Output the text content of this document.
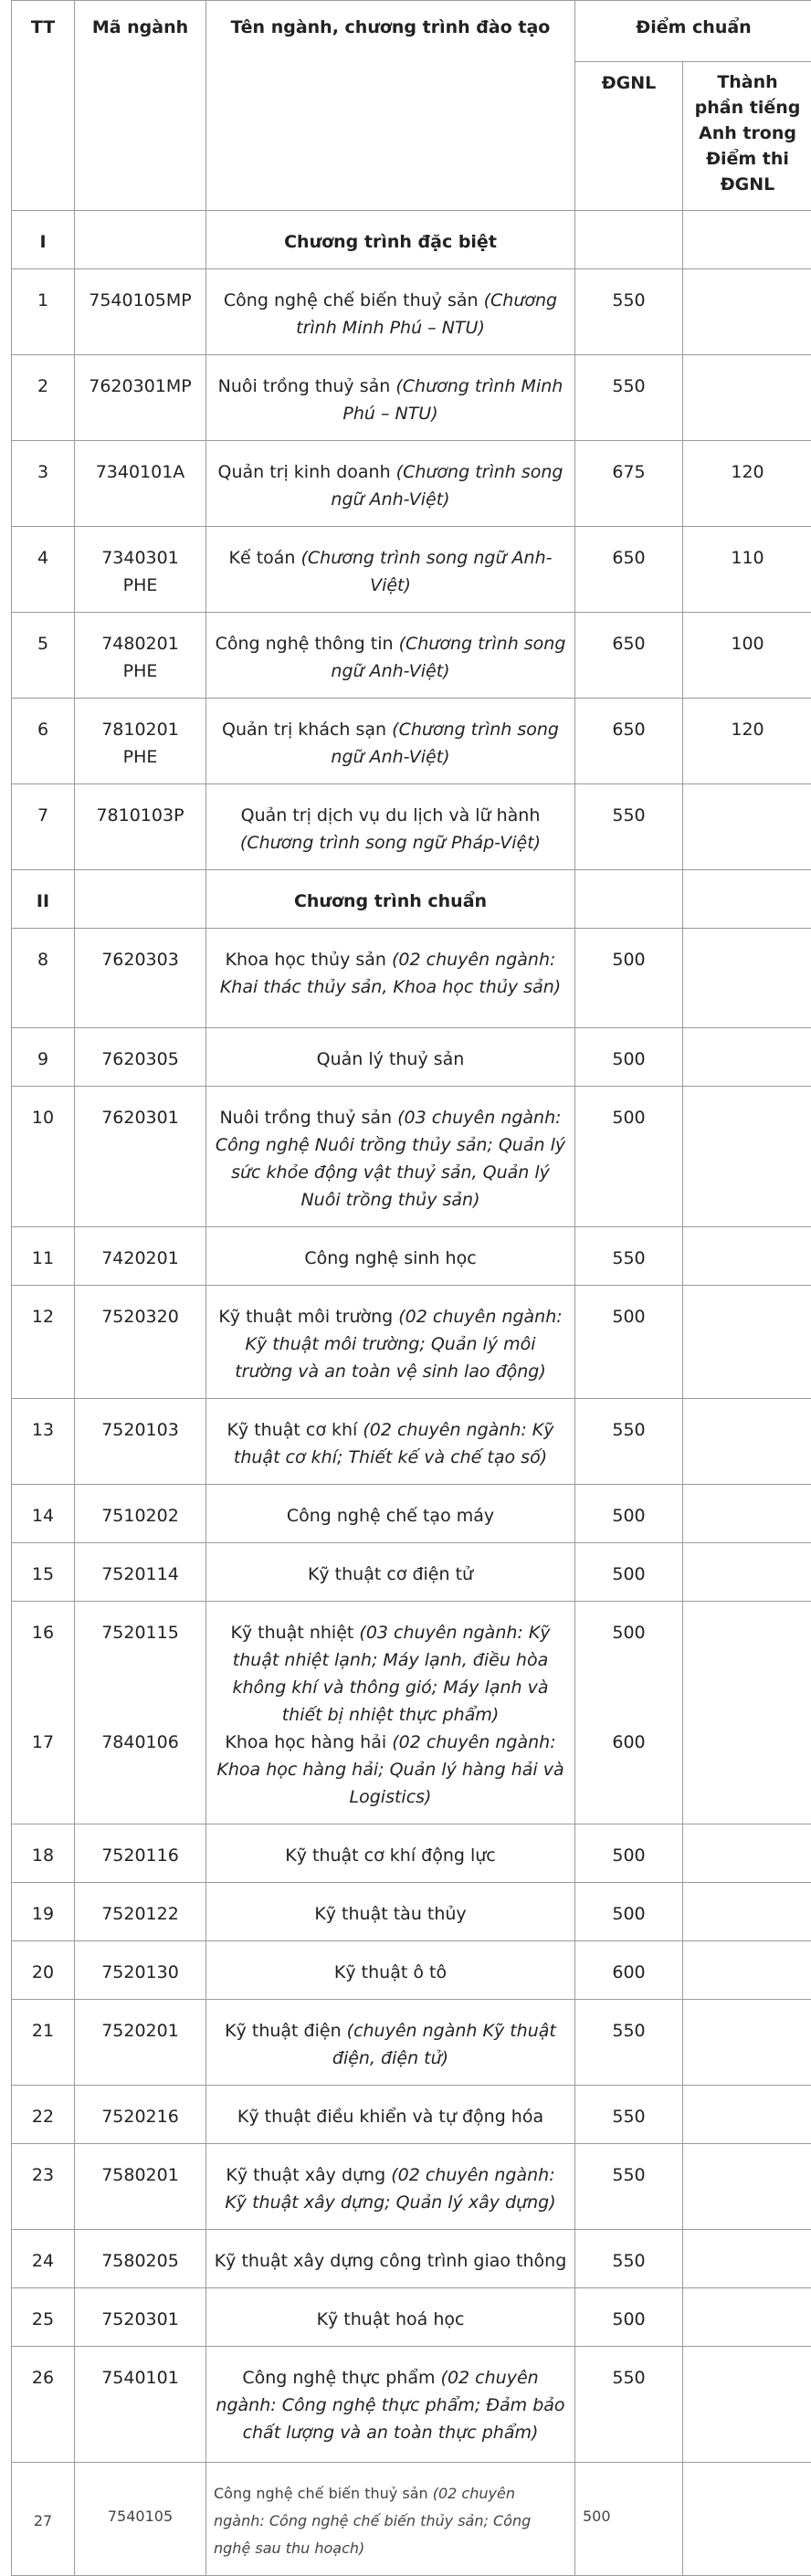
TT	Mã ngành	Tên ngành, chương trình đào tạo	Điểm chuẩn	
			ĐGNL	Thành phần tiếng Anh trong Điểm thi ĐGNL
I		Chương trình đặc biệt		
1	7540105MP	Công nghệ chế biến thuỷ sản (Chương trình Minh Phú – NTU)	550	
2	7620301MP	Nuôi trồng thuỷ sản (Chương trình Minh Phú – NTU)	550	
3	7340101A	Quản trị kinh doanh (Chương trình song ngữ Anh-Việt)	675	120
4	7340301 PHE	Kế toán (Chương trình song ngữ Anh-Việt)	650	110
5	7480201 PHE	Công nghệ thông tin (Chương trình song ngữ Anh-Việt)	650	100
6	7810201 PHE	Quản trị khách sạn (Chương trình song ngữ Anh-Việt)	650	120
7	7810103P	Quản trị dịch vụ du lịch và lữ hành (Chương trình song ngữ Pháp-Việt)	550	
II		Chương trình chuẩn		
8	7620303	Khoa học thủy sản (02 chuyên ngành: Khai thác thủy sản, Khoa học thủy sản)	500	
9	7620305	Quản lý thuỷ sản	500	
10	7620301	Nuôi trồng thuỷ sản (03 chuyên ngành: Công nghệ Nuôi trồng thủy sản; Quản lý sức khỏe động vật thuỷ sản, Quản lý Nuôi trồng thủy sản)	500	
11	7420201	Công nghệ sinh học	550	
12	7520320	Kỹ thuật môi trường (02 chuyên ngành: Kỹ thuật môi trường; Quản lý môi trường và an toàn vệ sinh lao động)	500	
13	7520103	Kỹ thuật cơ khí (02 chuyên ngành: Kỹ thuật cơ khí; Thiết kế và chế tạo số)	550	
14	7510202	Công nghệ chế tạo máy	500	
15	7520114	Kỹ thuật cơ điện tử	500	
16	7520115	Kỹ thuật nhiệt (03 chuyên ngành: Kỹ thuật nhiệt lạnh; Máy lạnh, điều hòa không khí và thông gió; Máy lạnh và thiết bị nhiệt thực phẩm)	500	
17	7840106	Khoa học hàng hải (02 chuyên ngành: Khoa học hàng hải; Quản lý hàng hải và Logistics)	600	
18	7520116	Kỹ thuật cơ khí động lực	500	
19	7520122	Kỹ thuật tàu thủy	500	
20	7520130	Kỹ thuật ô tô	600	
21	7520201	Kỹ thuật điện (chuyên ngành Kỹ thuật điện, điện tử)	550	
22	7520216	Kỹ thuật điều khiển và tự động hóa	550	
23	7580201	Kỹ thuật xây dựng (02 chuyên ngành: Kỹ thuật xây dựng; Quản lý xây dựng)	550	
24	7580205	Kỹ thuật xây dựng công trình giao thông	550	
25	7520301	Kỹ thuật hoá học	500	
26	7540101	Công nghệ thực phẩm (02 chuyên ngành: Công nghệ thực phẩm; Đảm bảo chất lượng và an toàn thực phẩm)	550	
27	7540105	Công nghệ chế biến thuỷ sản (02 chuyên ngành: Công nghệ chế biến thủy sản; Công nghệ sau thu hoạch)	500	
